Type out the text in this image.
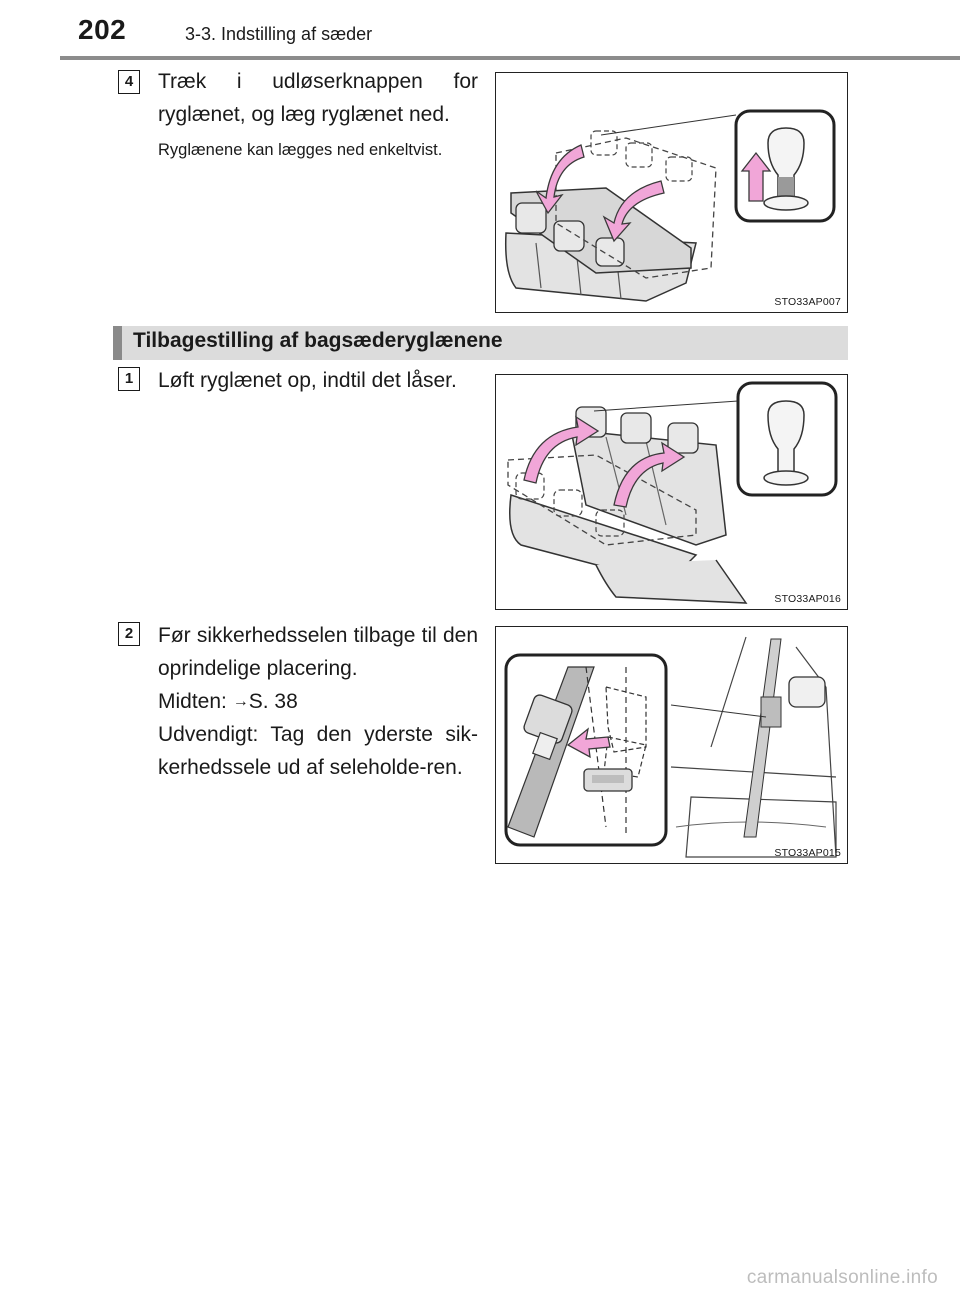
202	3-3. Indstilling af sæder
4	Træk i udløserknappen for ryglænet, og læg ryglænet ned.
Ryglænene kan lægges ned enkeltvist.
STO33AP007
Tilbagestilling af bagsæderyglænene
1	Løft ryglænet op, indtil det låser.
STO33AP016
2	Før sikkerhedsselen tilbage til den oprindelige placering.
Midten: →S. 38
Udvendigt: Tag den yderste sik-kerhedssele ud af seleholde-ren.
STO33AP015
carmanualsonline.info
